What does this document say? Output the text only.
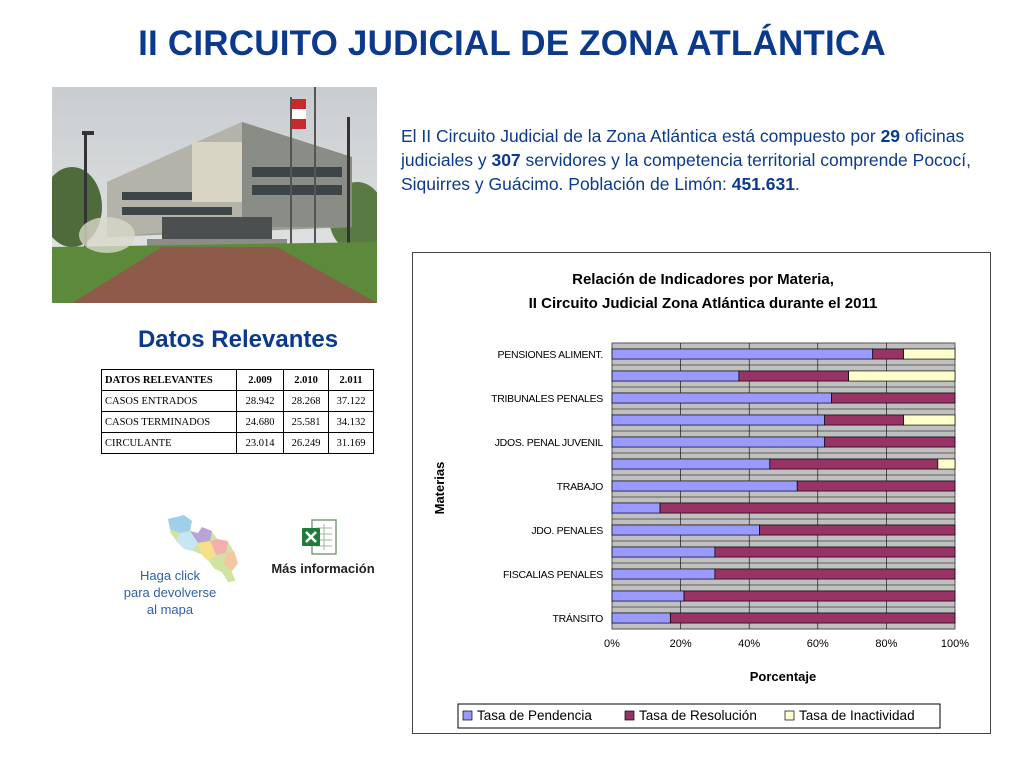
II CIRCUITO JUDICIAL DE ZONA ATLÁNTICA
El II Circuito Judicial de la Zona Atlántica está compuesto por 29 oficinas judiciales y 307 servidores y la competencia territorial comprende Pococí, Siquirres y Guácimo. Población de Limón: 451.631.
Datos Relevantes
DATOS RELEVANTES	2.009	2.010	2.011
CASOS ENTRADOS	28.942	28.268	37.122
CASOS TERMINADOS	24.680	25.581	34.132
CIRCULANTE	23.014	26.249	31.169
Haga click
para devolverse
al mapa
Más información
Relación de Indicadores por Materia,
II Circuito Judicial Zona Atlántica durante el 2011
0%	20%	40%	60%	80%	100%
PENSIONES ALIMENT.
TRIBUNALES PENALES
JDOS. PENAL JUVENIL
TRABAJO
JDO. PENALES
FISCALIAS PENALES
TRÁNSITO
Porcentaje
Materias
Tasa de Pendencia	Tasa de Resolución	Tasa de Inactividad
